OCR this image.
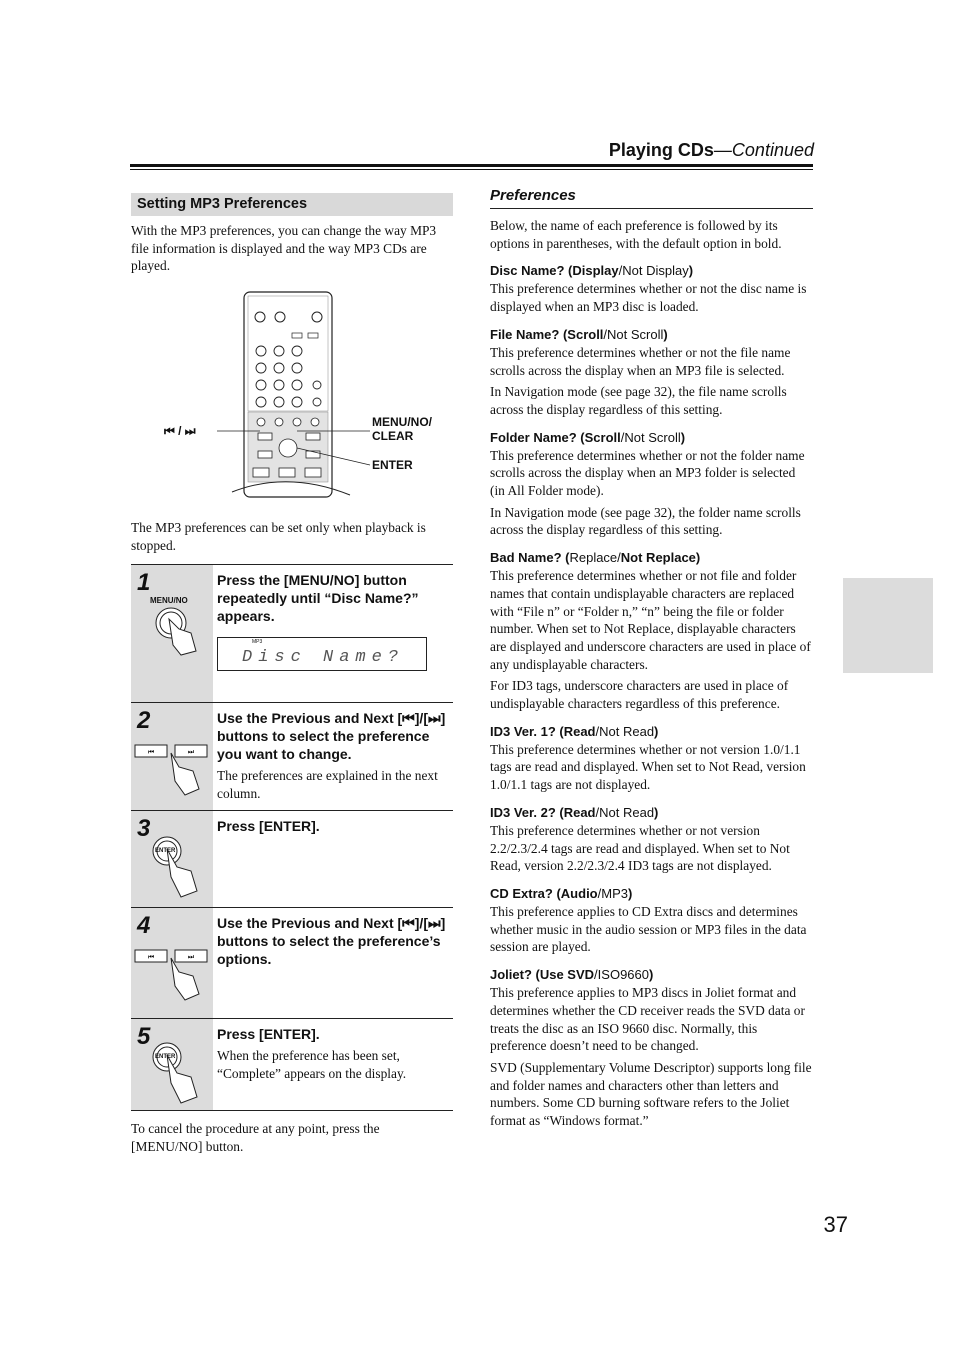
Playing CDs—Continued
Setting MP3 Preferences
With the MP3 preferences, you can change the way MP3 file information is displayed and the way MP3 CDs are played.
⏮ / ⏭
MENU/NO/
CLEAR
ENTER
The MP3 preferences can be set only when playback is stopped.
1
MENU/NO
Press the [MENU/NO] button repeatedly until “Disc Name?” appears.
MP3
Disc Name?
2
⏮	⏭
Use the Previous and Next [⏮]/[⏭] buttons to select the preference you want to change.
The preferences are explained in the next column.
3
ENTER
Press [ENTER].
4
⏮	⏭
Use the Previous and Next [⏮]/[⏭] buttons to select the preference’s options.
5
ENTER
Press [ENTER].
When the preference has been set, “Complete” appears on the display.
To cancel the procedure at any point, press the [MENU/NO] button.
Preferences
Below, the name of each preference is followed by its options in parentheses, with the default option in bold.
Disc Name? (Display/Not Display)
This preference determines whether or not the disc name is displayed when an MP3 disc is loaded.
File Name? (Scroll/Not Scroll)
This preference determines whether or not the file name scrolls across the display when an MP3 file is selected.
In Navigation mode (see page 32), the file name scrolls across the display regardless of this setting.
Folder Name? (Scroll/Not Scroll)
This preference determines whether or not the folder name scrolls across the display when an MP3 folder is selected (in All Folder mode).
In Navigation mode (see page 32), the folder name scrolls across the display regardless of this setting.
Bad Name? (Replace/Not Replace)
This preference determines whether or not file and folder names that contain undisplayable characters are replaced with “File n” or “Folder n,” “n” being the file or folder number. When set to Not Replace, displayable characters are displayed and underscore characters are used in place of any undisplayable characters.
For ID3 tags, underscore characters are used in place of undisplayable characters regardless of this preference.
ID3 Ver. 1? (Read/Not Read)
This preference determines whether or not version 1.0/1.1 tags are read and displayed. When set to Not Read, version 1.0/1.1 tags are not displayed.
ID3 Ver. 2? (Read/Not Read)
This preference determines whether or not version 2.2/2.3/2.4 tags are read and displayed. When set to Not Read, version 2.2/2.3/2.4 ID3 tags are not displayed.
CD Extra? (Audio/MP3)
This preference applies to CD Extra discs and determines whether music in the audio session or MP3 files in the data session are played.
Joliet? (Use SVD/ISO9660)
This preference applies to MP3 discs in Joliet format and determines whether the CD receiver reads the SVD data or treats the disc as an ISO 9660 disc. Normally, this preference doesn’t need to be changed.
SVD (Supplementary Volume Descriptor) supports long file and folder names and characters other than letters and numbers. Some CD burning software refers to the Joliet format as “Windows format.”
37
